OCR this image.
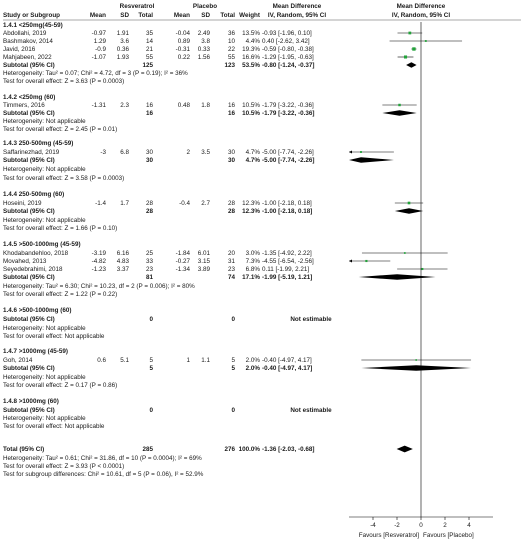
Resveratrol	Placebo	Mean Difference	Mean Difference
Study or Subgroup	Mean SD Total	Mean SD Total Weight IV, Random, 95% CI	IV, Random, 95% CI
1.4.1 <250mg(45-59)
Abdollahi, 2019	-0.97 1.91	35	-0.04 2.49	36 13.5% -0.93 [-1.96, 0.10]
Bashmakov, 2014	1.29 3.6	14	0.89 3.8	10 4.4% 0.40 [-2.62, 3.42]
Javid, 2016	-0.9 0.36	21	-0.31 0.33	22 19.3% -0.59 [-0.80, -0.38]
Mahjabeen, 2022	-1.07 1.93	55	0.22 1.56	55 16.6% -1.29 [-1.95, -0.63]
Subtotal (95% CI)	125	123 53.5% -0.80 [-1.24, -0.37]
Heterogeneity: Tau² = 0.07; Chi² = 4.72, df = 3 (P = 0.19); I² = 36%
Test for overall effect: Z = 3.63 (P = 0.0003)
1.4.2 <250mg (60)
Timmers, 2016	-1.31 2.3	16	0.48 1.8	16 10.5% -1.79 [-3.22, -0.36]
Subtotal (95% CI)	16	16 10.5% -1.79 [-3.22, -0.36]
Heterogeneity: Not applicable
Test for overall effect: Z = 2.45 (P = 0.01)
1.4.3 250-500mg (45-59)
Saffarinezhad, 2019	-3 6.8	30	2 3.5	30 4.7% -5.00 [-7.74, -2.26]
Subtotal (95% CI)	30	30 4.7% -5.00 [-7.74, -2.26]
Heterogeneity: Not applicable
Test for overall effect: Z = 3.58 (P = 0.0003)
1.4.4 250-500mg (60)
Hoseini, 2019	-1.4 1.7	28	-0.4 2.7	28 12.3% -1.00 [-2.18, 0.18]
Subtotal (95% CI)	28	28 12.3% -1.00 [-2.18, 0.18]
Heterogeneity: Not applicable
Test for overall effect: Z = 1.66 (P = 0.10)
1.4.5 >500-1000mg (45-59)
Khodabandehloo, 2018	-3.19 6.16	25	-1.84 6.01	20 3.0% -1.35 [-4.92, 2.22]
Movahed, 2013	-4.82 4.83	33	-0.27 3.15	31 7.3% -4.55 [-6.54, -2.56]
Seyedebrahimi, 2018	-1.23 3.37	23	-1.34 3.89	23 6.8% 0.11 [-1.99, 2.21]
Subtotal (95% CI)	81	74 17.1% -1.99 [-5.19, 1.21]
Heterogeneity: Tau² = 6.30; Chi² = 10.23, df = 2 (P = 0.006); I² = 80%
Test for overall effect: Z = 1.22 (P = 0.22)
1.4.6 >500-1000mg (60)
Subtotal (95% CI)	0	0	Not estimable
Heterogeneity: Not applicable
Test for overall effect: Not applicable
1.4.7 >1000mg (45-59)
Goh, 2014	0.6 5.1	5	1 1.1	5 2.0% -0.40 [-4.97, 4.17]
Subtotal (95% CI)	5	5 2.0% -0.40 [-4.97, 4.17]
Heterogeneity: Not applicable
Test for overall effect: Z = 0.17 (P = 0.86)
1.4.8 >1000mg (60)
Subtotal (95% CI)	0	0	Not estimable
Heterogeneity: Not applicable
Test for overall effect: Not applicable
Total (95% CI)	285	276 100.0% -1.36 [-2.03, -0.68]
Heterogeneity: Tau² = 0.61; Chi² = 31.86, df = 10 (P = 0.0004); I² = 69%
Test for overall effect: Z = 3.93 (P < 0.0001)
Test for subgroup differences: Chi² = 10.61, df = 5 (P = 0.06), I² = 52.9%
-4	-2	0	2	4
Favours [Resveratrol] Favours [Placebo]
